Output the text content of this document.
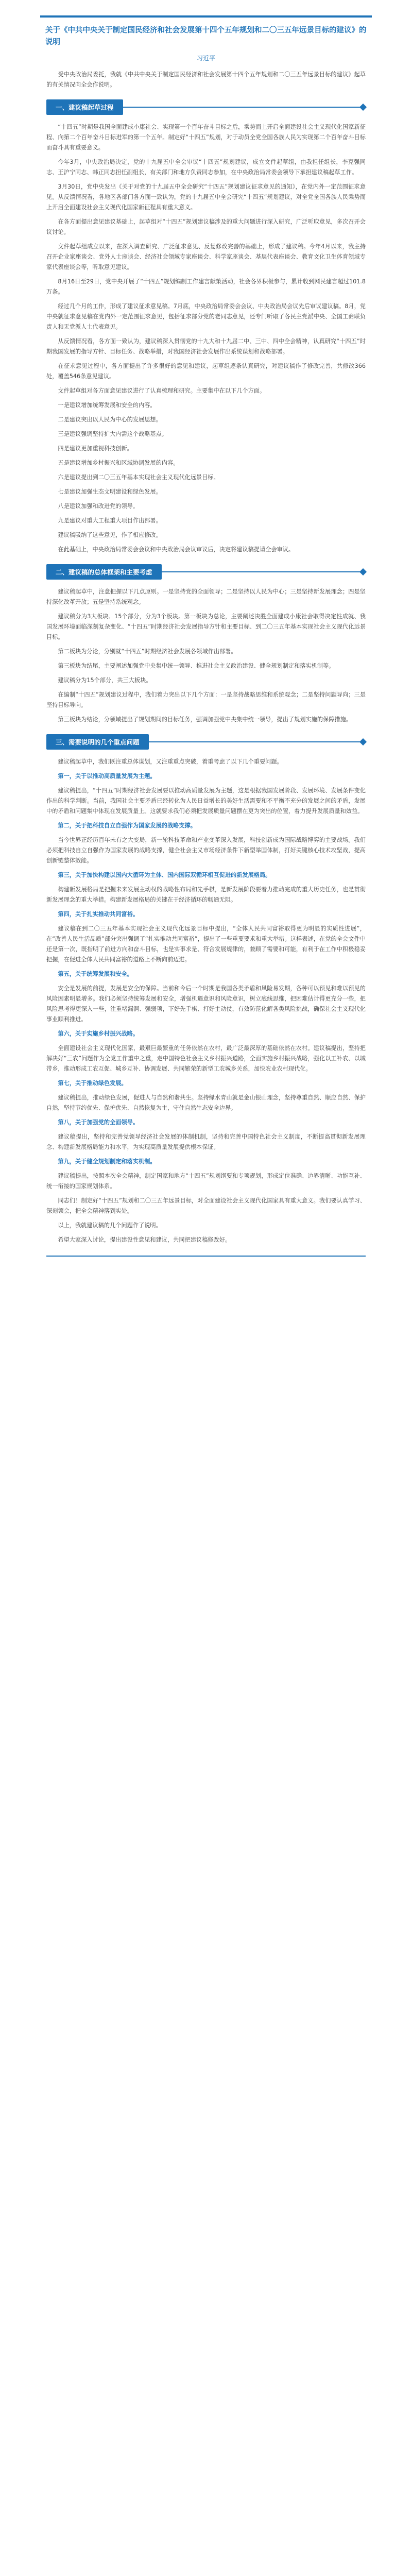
关于《中共中央关于制定国民经济和社会发展第十四个五年规划和二〇三五年远景目标的建议》的说明
习近平

受中央政治局委托，我就《中共中央关于制定国民经济和社会发展第十四个五年规划和二〇三五年远景目标的建议》起草的有关情况向全会作说明。

一、建议稿起草过程

“十四五”时期是我国全面建成小康社会、实现第一个百年奋斗目标之后，乘势而上开启全面建设社会主义现代化国家新征程、向第二个百年奋斗目标进军的第一个五年。制定好“十四五”规划，对于动员全党全国各族人民为实现第二个百年奋斗目标而奋斗具有重要意义。

今年3月，中央政治局决定，党的十九届五中全会审议“十四五”规划建议，成立文件起草组，由我担任组长，李克强同志、王沪宁同志、韩正同志担任副组长，有关部门和地方负责同志参加，在中央政治局常委会领导下承担建议稿起草工作。

3月30日，党中央发出《关于对党的十九届五中全会研究“十四五”规划建议征求意见的通知》，在党内外一定范围征求意见。从反馈情况看，各地区各部门各方面一致认为，党的十九届五中全会研究“十四五”规划建议，对全党全国各族人民乘势而上开启全面建设社会主义现代化国家新征程具有重大意义。

在各方面提出意见建议基础上，起草组对“十四五”规划建议稿涉及的重大问题进行深入研究，广泛听取意见，多次召开会议讨论。

文件起草组成立以来，在深入调查研究、广泛征求意见、反复修改完善的基础上，形成了建议稿。今年4月以来，我主持召开企业家座谈会、党外人士座谈会、经济社会领域专家座谈会、科学家座谈会、基层代表座谈会、教育文化卫生体育领域专家代表座谈会等，听取意见建议。

8月16日至29日，党中央开展了“十四五”规划编制工作建言献策活动，社会各界积极参与，累计收到网民建言超过101.8万条。

经过几个月的工作，形成了建议征求意见稿。7月底，中央政治局常委会会议、中央政治局会议先后审议建议稿。8月，党中央就征求意见稿在党内外一定范围征求意见，包括征求部分党的老同志意见，还专门听取了各民主党派中央、全国工商联负责人和无党派人士代表意见。

从反馈情况看，各方面一致认为，建议稿深入贯彻党的十九大和十九届二中、三中、四中全会精神，认真研究“十四五”时期我国发展的指导方针、目标任务、战略举措，对我国经济社会发展作出系统谋划和战略部署。

在征求意见过程中，各方面提出了许多很好的意见和建议，起草组逐条认真研究，对建议稿作了修改完善，共修改366处，覆盖546条意见建议。

文件起草组对各方面意见建议进行了认真梳理和研究。主要集中在以下几个方面。

一是建议增加统筹发展和安全的内容。

二是建议突出以人民为中心的发展思想。

三是建议强调坚持扩大内需这个战略基点。

四是建议更加重视科技创新。

五是建议增加乡村振兴和区域协调发展的内容。

六是建议提出到二〇三五年基本实现社会主义现代化远景目标。

七是建议加强生态文明建设和绿色发展。

八是建议加强和改进党的领导。

九是建议对重大工程重大项目作出部署。

建议稿吸纳了这些意见，作了相应修改。

在此基础上，中央政治局常委会会议和中央政治局会议审议后，决定将建议稿提请全会审议。

二、建议稿的总体框架和主要考虑

建议稿起草中，注意把握以下几点原则。一是坚持党的全面领导；二是坚持以人民为中心；三是坚持新发展理念；四是坚持深化改革开放；五是坚持系统观念。

建议稿分为3大板块、15个部分，分为3个板块。第一板块为总论，主要阐述决胜全面建成小康社会取得决定性成就、我国发展环境面临深刻复杂变化、“十四五”时期经济社会发展指导方针和主要目标、到二〇三五年基本实现社会主义现代化远景目标。

第二板块为分论，分别就“十四五”时期经济社会发展各领域作出部署。

第三板块为结尾，主要阐述加强党中央集中统一领导、推进社会主义政治建设、健全规划制定和落实机制等。

建议稿分为15个部分，共三大板块。

在编制“十四五”规划建议过程中，我们着力突出以下几个方面：一是坚持战略思维和系统观念；二是坚持问题导向；三是坚持目标导向。

第三板块为结论，分领域提出了规划期间的目标任务，强调加强党中央集中统一领导，提出了规划实施的保障措施。

三、需要说明的几个重点问题

建议稿起草中，我们既注重总体谋划，又注重重点突破，着重考虑了以下几个重要问题。

第一，关于以推动高质量发展为主题。

建议稿提出，“十四五”时期经济社会发展要以推动高质量发展为主题，这是根据我国发展阶段、发展环境、发展条件变化作出的科学判断。当前，我国社会主要矛盾已经转化为人民日益增长的美好生活需要和不平衡不充分的发展之间的矛盾，发展中的矛盾和问题集中体现在发展质量上。这就要求我们必须把发展质量问题摆在更为突出的位置，着力提升发展质量和效益。

第二，关于把科技自立自强作为国家发展的战略支撑。

当今世界正经历百年未有之大变局，新一轮科技革命和产业变革深入发展，科技创新成为国际战略博弈的主要战场。我们必须把科技自立自强作为国家发展的战略支撑，健全社会主义市场经济条件下新型举国体制，打好关键核心技术攻坚战，提高创新链整体效能。

第三，关于加快构建以国内大循环为主体、国内国际双循环相互促进的新发展格局。

构建新发展格局是把握未来发展主动权的战略性布局和先手棋，是新发展阶段要着力推动完成的重大历史任务，也是贯彻新发展理念的重大举措。构建新发展格局的关键在于经济循环的畅通无阻。

第四，关于扎实推动共同富裕。

建议稿在到二〇三五年基本实现社会主义现代化远景目标中提出，“全体人民共同富裕取得更为明显的实质性进展”，在“改善人民生活品质”部分突出强调了“扎实推动共同富裕”，提出了一些重要要求和重大举措。这样表述，在党的全会文件中还是第一次，既指明了前进方向和奋斗目标，也是实事求是、符合发展规律的，兼顾了需要和可能，有利于在工作中积极稳妥把握，在促进全体人民共同富裕的道路上不断向前迈进。

第五，关于统筹发展和安全。

安全是发展的前提，发展是安全的保障。当前和今后一个时期是我国各类矛盾和风险易发期，各种可以预见和难以预见的风险因素明显增多。我们必须坚持统筹发展和安全，增强机遇意识和风险意识，树立底线思维，把困难估计得更充分一些，把风险思考得更深入一些，注重堵漏洞、强弱项，下好先手棋、打好主动仗，有效防范化解各类风险挑战，确保社会主义现代化事业顺利推进。

第六，关于实施乡村振兴战略。

全面建设社会主义现代化国家，最艰巨最繁重的任务依然在农村，最广泛最深厚的基础依然在农村。建议稿提出，坚持把解决好“三农”问题作为全党工作重中之重，走中国特色社会主义乡村振兴道路，全面实施乡村振兴战略，强化以工补农、以城带乡，推动形成工农互促、城乡互补、协调发展、共同繁荣的新型工农城乡关系，加快农业农村现代化。

第七，关于推动绿色发展。

建议稿提出，推动绿色发展，促进人与自然和谐共生。坚持绿水青山就是金山银山理念，坚持尊重自然、顺应自然、保护自然，坚持节约优先、保护优先、自然恢复为主，守住自然生态安全边界。

第八，关于加强党的全面领导。

建议稿提出，坚持和完善党领导经济社会发展的体制机制，坚持和完善中国特色社会主义制度，不断提高贯彻新发展理念、构建新发展格局能力和水平，为实现高质量发展提供根本保证。

第九，关于健全规划制定和落实机制。

建议稿提出，按照本次全会精神，制定国家和地方“十四五”规划纲要和专项规划，形成定位准确、边界清晰、功能互补、统一衔接的国家规划体系。

同志们！制定好“十四五”规划和二〇三五年远景目标，对全面建设社会主义现代化国家具有重大意义。我们要认真学习、深刻领会，把全会精神落到实处。

以上，我就建议稿的几个问题作了说明。

希望大家深入讨论，提出建设性意见和建议，共同把建议稿修改好。
